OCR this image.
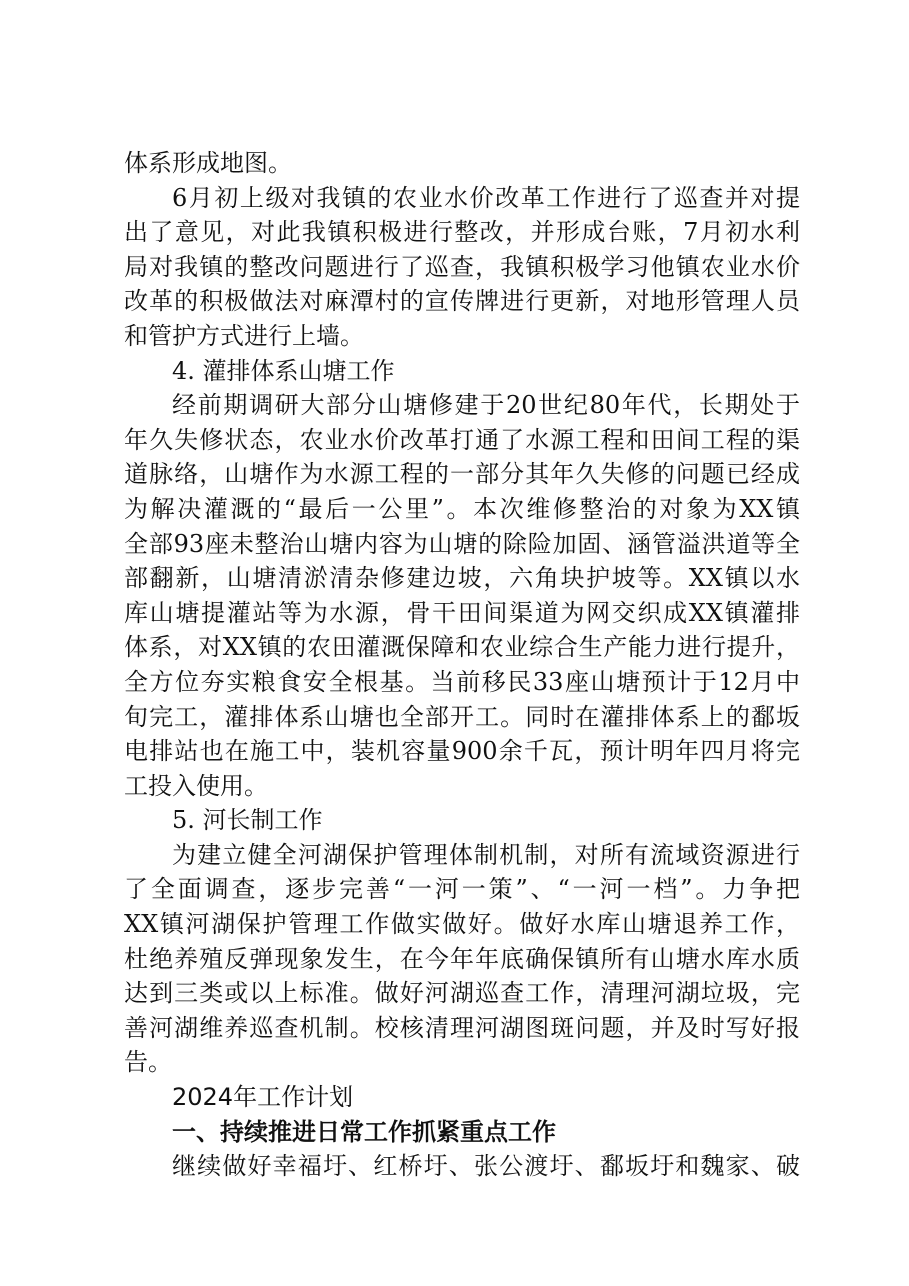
体系形成地图。
6月初上级对我镇的农业水价改革工作进行了巡查并对提
出了意见，对此我镇积极进行整改，并形成台账，7月初水利
局对我镇的整改问题进行了巡查，我镇积极学习他镇农业水价
改革的积极做法对麻潭村的宣传牌进行更新，对地形管理人员
和管护方式进行上墙。
4. 灌排体系山塘工作
经前期调研大部分山塘修建于20世纪80年代，长期处于
年久失修状态，农业水价改革打通了水源工程和田间工程的渠
道脉络，山塘作为水源工程的一部分其年久失修的问题已经成
为解决灌溉的“最后一公里”。本次维修整治的对象为XX镇
全部93座未整治山塘内容为山塘的除险加固、涵管溢洪道等全
部翻新，山塘清淤清杂修建边坡，六角块护坡等。XX镇以水
库山塘提灌站等为水源，骨干田间渠道为网交织成XX镇灌排
体系，对XX镇的农田灌溉保障和农业综合生产能力进行提升，
全方位夯实粮食安全根基。当前移民33座山塘预计于12月中
旬完工，灌排体系山塘也全部开工。同时在灌排体系上的鄱坂
电排站也在施工中，装机容量900余千瓦，预计明年四月将完
工投入使用。
5. 河长制工作
为建立健全河湖保护管理体制机制，对所有流域资源进行
了全面调查，逐步完善“一河一策”、“一河一档”。力争把
XX镇河湖保护管理工作做实做好。做好水库山塘退养工作，
杜绝养殖反弹现象发生，在今年年底确保镇所有山塘水库水质
达到三类或以上标准。做好河湖巡查工作，清理河湖垃圾，完
善河湖维养巡查机制。校核清理河湖图斑问题，并及时写好报
告。
2024年工作计划
一、持续推进日常工作抓紧重点工作
继续做好幸福圩、红桥圩、张公渡圩、鄱坂圩和魏家、破
